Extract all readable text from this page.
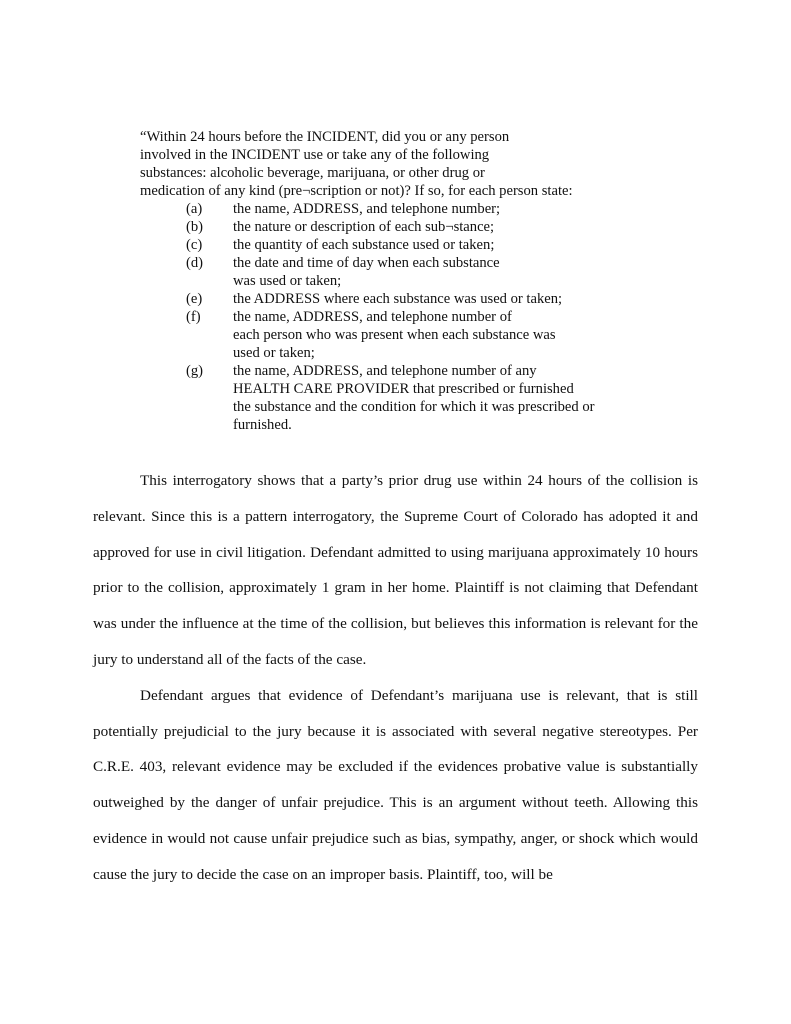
“Within 24 hours before the INCIDENT, did you or any person
involved in the INCIDENT use or take any of the following
substances: alcoholic beverage, marijuana, or other drug or
medication of any kind (pre¬scription or not)? If so, for each person state:
(a) the name, ADDRESS, and telephone number;
(b) the nature or description of each sub¬stance;
(c) the quantity of each substance used or taken;
(d) the date and time of day when each substance
was used or taken;
(e) the ADDRESS where each substance was used or taken;
(f) the name, ADDRESS, and telephone number of
each person who was present when each substance was
used or taken;
(g) the name, ADDRESS, and telephone number of any
HEALTH CARE PROVIDER that prescribed or furnished
the substance and the condition for which it was prescribed or
furnished.

This interrogatory shows that a party’s prior drug use within 24 hours of the collision is relevant. Since this is a pattern interrogatory, the Supreme Court of Colorado has adopted it and approved for use in civil litigation. Defendant admitted to using marijuana approximately 10 hours prior to the collision, approximately 1 gram in her home. Plaintiff is not claiming that Defendant was under the influence at the time of the collision, but believes this information is relevant for the jury to understand all of the facts of the case.

Defendant argues that evidence of Defendant’s marijuana use is relevant, that is still potentially prejudicial to the jury because it is associated with several negative stereotypes. Per C.R.E. 403, relevant evidence may be excluded if the evidences probative value is substantially outweighed by the danger of unfair prejudice. This is an argument without teeth. Allowing this evidence in would not cause unfair prejudice such as bias, sympathy, anger, or shock which would cause the jury to decide the case on an improper basis. Plaintiff, too, will be
